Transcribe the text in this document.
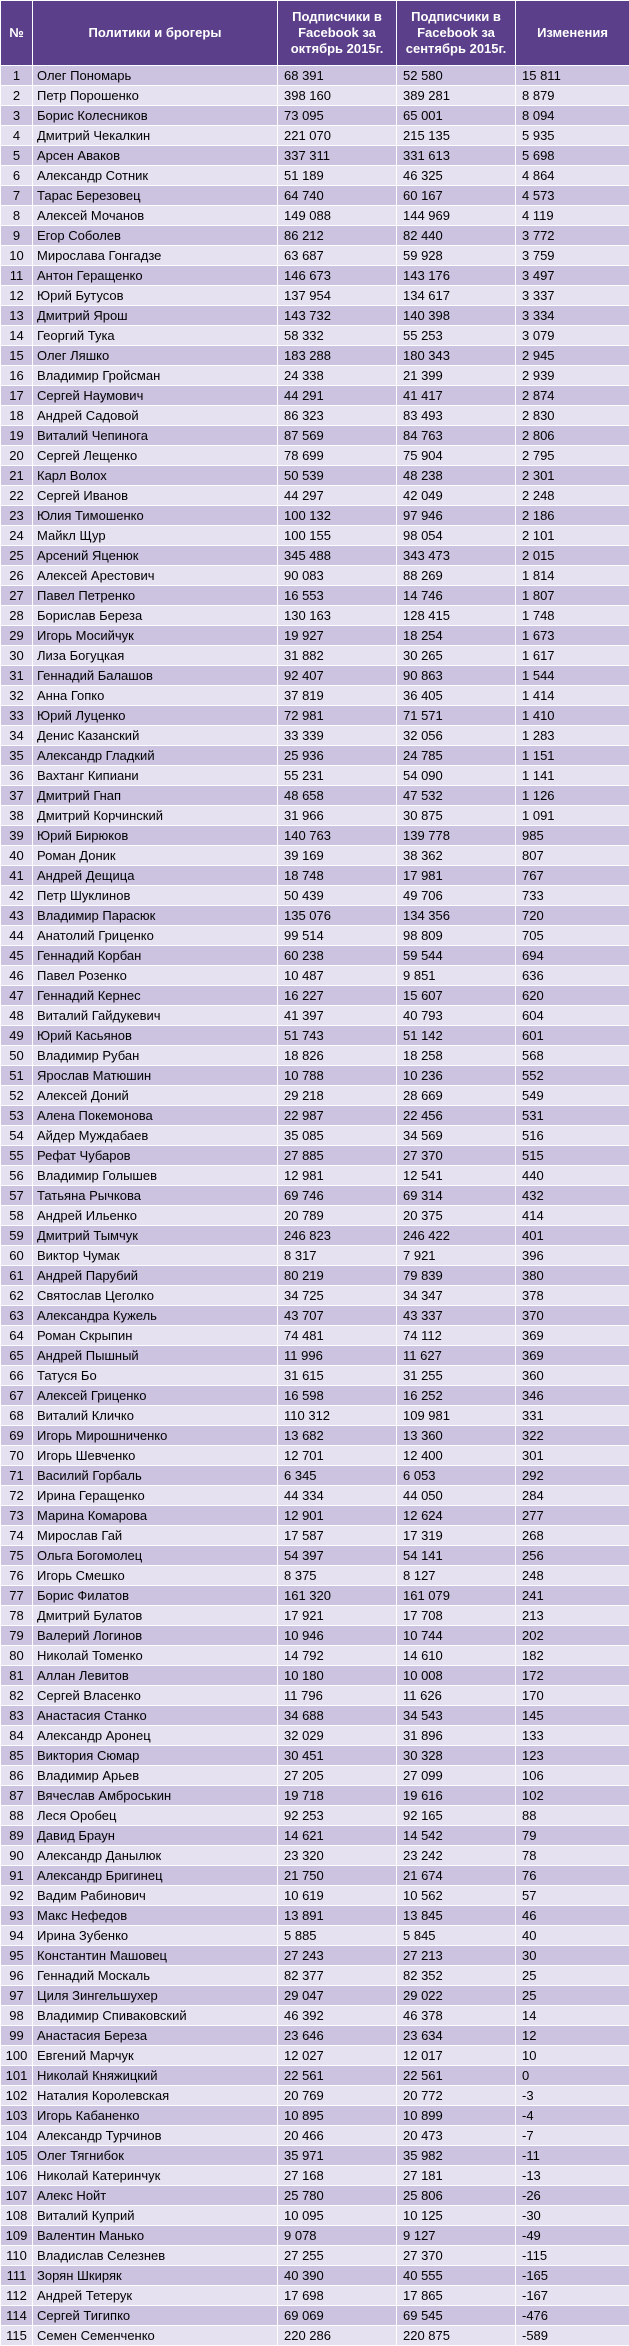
№	Политики и брогеры	Подписчики в Facebook за октябрь 2015г.	Подписчики в Facebook за сентябрь 2015г.	Изменения
1	Олег Пономарь	68 391	52 580	15 811
2	Петр Порошенко	398 160	389 281	8 879
3	Борис Колесников	73 095	65 001	8 094
4	Дмитрий Чекалкин	221 070	215 135	5 935
5	Арсен Аваков	337 311	331 613	5 698
6	Александр Сотник	51 189	46 325	4 864
7	Тарас Березовец	64 740	60 167	4 573
8	Алексей Мочанов	149 088	144 969	4 119
9	Егор Соболев	86 212	82 440	3 772
10	Мирослава Гонгадзе	63 687	59 928	3 759
11	Антон Геращенко	146 673	143 176	3 497
12	Юрий Бутусов	137 954	134 617	3 337
13	Дмитрий Ярош	143 732	140 398	3 334
14	Георгий Тука	58 332	55 253	3 079
15	Олег Ляшко	183 288	180 343	2 945
16	Владимир Гройсман	24 338	21 399	2 939
17	Сергей Наумович	44 291	41 417	2 874
18	Андрей Садовой	86 323	83 493	2 830
19	Виталий Чепинога	87 569	84 763	2 806
20	Сергей Лещенко	78 699	75 904	2 795
21	Карл Волох	50 539	48 238	2 301
22	Сергей Иванов	44 297	42 049	2 248
23	Юлия Тимошенко	100 132	97 946	2 186
24	Майкл Щур	100 155	98 054	2 101
25	Арсений Яценюк	345 488	343 473	2 015
26	Алексей Арестович	90 083	88 269	1 814
27	Павел Петренко	16 553	14 746	1 807
28	Борислав Береза	130 163	128 415	1 748
29	Игорь Мосийчук	19 927	18 254	1 673
30	Лиза Богуцкая	31 882	30 265	1 617
31	Геннадий Балашов	92 407	90 863	1 544
32	Анна Гопко	37 819	36 405	1 414
33	Юрий Луценко	72 981	71 571	1 410
34	Денис Казанский	33 339	32 056	1 283
35	Александр Гладкий	25 936	24 785	1 151
36	Вахтанг Кипиани	55 231	54 090	1 141
37	Дмитрий Гнап	48 658	47 532	1 126
38	Дмитрий Корчинский	31 966	30 875	1 091
39	Юрий Бирюков	140 763	139 778	985
40	Роман Доник	39 169	38 362	807
41	Андрей Дещица	18 748	17 981	767
42	Петр Шуклинов	50 439	49 706	733
43	Владимир Парасюк	135 076	134 356	720
44	Анатолий Гриценко	99 514	98 809	705
45	Геннадий Корбан	60 238	59 544	694
46	Павел Розенко	10 487	9 851	636
47	Геннадий Кернес	16 227	15 607	620
48	Виталий Гайдукевич	41 397	40 793	604
49	Юрий Касьянов	51 743	51 142	601
50	Владимир Рубан	18 826	18 258	568
51	Ярослав Матюшин	10 788	10 236	552
52	Алексей Доний	29 218	28 669	549
53	Алена Покемонова	22 987	22 456	531
54	Айдер Муждабаев	35 085	34 569	516
55	Рефат Чубаров	27 885	27 370	515
56	Владимир Голышев	12 981	12 541	440
57	Татьяна Рычкова	69 746	69 314	432
58	Андрей Ильенко	20 789	20 375	414
59	Дмитрий Тымчук	246 823	246 422	401
60	Виктор Чумак	8 317	7 921	396
61	Андрей Парубий	80 219	79 839	380
62	Святослав Цеголко	34 725	34 347	378
63	Александра Кужель	43 707	43 337	370
64	Роман Скрыпин	74 481	74 112	369
65	Андрей Пышный	11 996	11 627	369
66	Татуся Бо	31 615	31 255	360
67	Алексей Гриценко	16 598	16 252	346
68	Виталий Кличко	110 312	109 981	331
69	Игорь Мирошниченко	13 682	13 360	322
70	Игорь Шевченко	12 701	12 400	301
71	Василий Горбаль	6 345	6 053	292
72	Ирина Геращенко	44 334	44 050	284
73	Марина Комарова	12 901	12 624	277
74	Мирослав Гай	17 587	17 319	268
75	Ольга Богомолец	54 397	54 141	256
76	Игорь Смешко	8 375	8 127	248
77	Борис Филатов	161 320	161 079	241
78	Дмитрий Булатов	17 921	17 708	213
79	Валерий Логинов	10 946	10 744	202
80	Николай Томенко	14 792	14 610	182
81	Аллан Левитов	10 180	10 008	172
82	Сергей Власенко	11 796	11 626	170
83	Анастасия Станко	34 688	34 543	145
84	Александр Аронец	32 029	31 896	133
85	Виктория Сюмар	30 451	30 328	123
86	Владимир Арьев	27 205	27 099	106
87	Вячеслав Амброськин	19 718	19 616	102
88	Леся Оробец	92 253	92 165	88
89	Давид Браун	14 621	14 542	79
90	Александр Данылюк	23 320	23 242	78
91	Александр Бригинец	21 750	21 674	76
92	Вадим Рабинович	10 619	10 562	57
93	Макс Нефедов	13 891	13 845	46
94	Ирина Зубенко	5 885	5 845	40
95	Константин Машовец	27 243	27 213	30
96	Геннадий Москаль	82 377	82 352	25
97	Циля Зингельшухер	29 047	29 022	25
98	Владимир Спиваковский	46 392	46 378	14
99	Анастасия Береза	23 646	23 634	12
100	Евгений Марчук	12 027	12 017	10
101	Николай Княжицкий	22 561	22 561	0
102	Наталия Королевская	20 769	20 772	-3
103	Игорь Кабаненко	10 895	10 899	-4
104	Александр Турчинов	20 466	20 473	-7
105	Олег Тягнибок	35 971	35 982	-11
106	Николай Катеринчук	27 168	27 181	-13
107	Алекс Нойт	25 780	25 806	-26
108	Виталий Куприй	10 095	10 125	-30
109	Валентин Манько	9 078	9 127	-49
110	Владислав Селезнев	27 255	27 370	-115
111	Зорян Шкиряк	40 390	40 555	-165
112	Андрей Тетерук	17 698	17 865	-167
114	Сергей Тигипко	69 069	69 545	-476
115	Семен Семенченко	220 286	220 875	-589
